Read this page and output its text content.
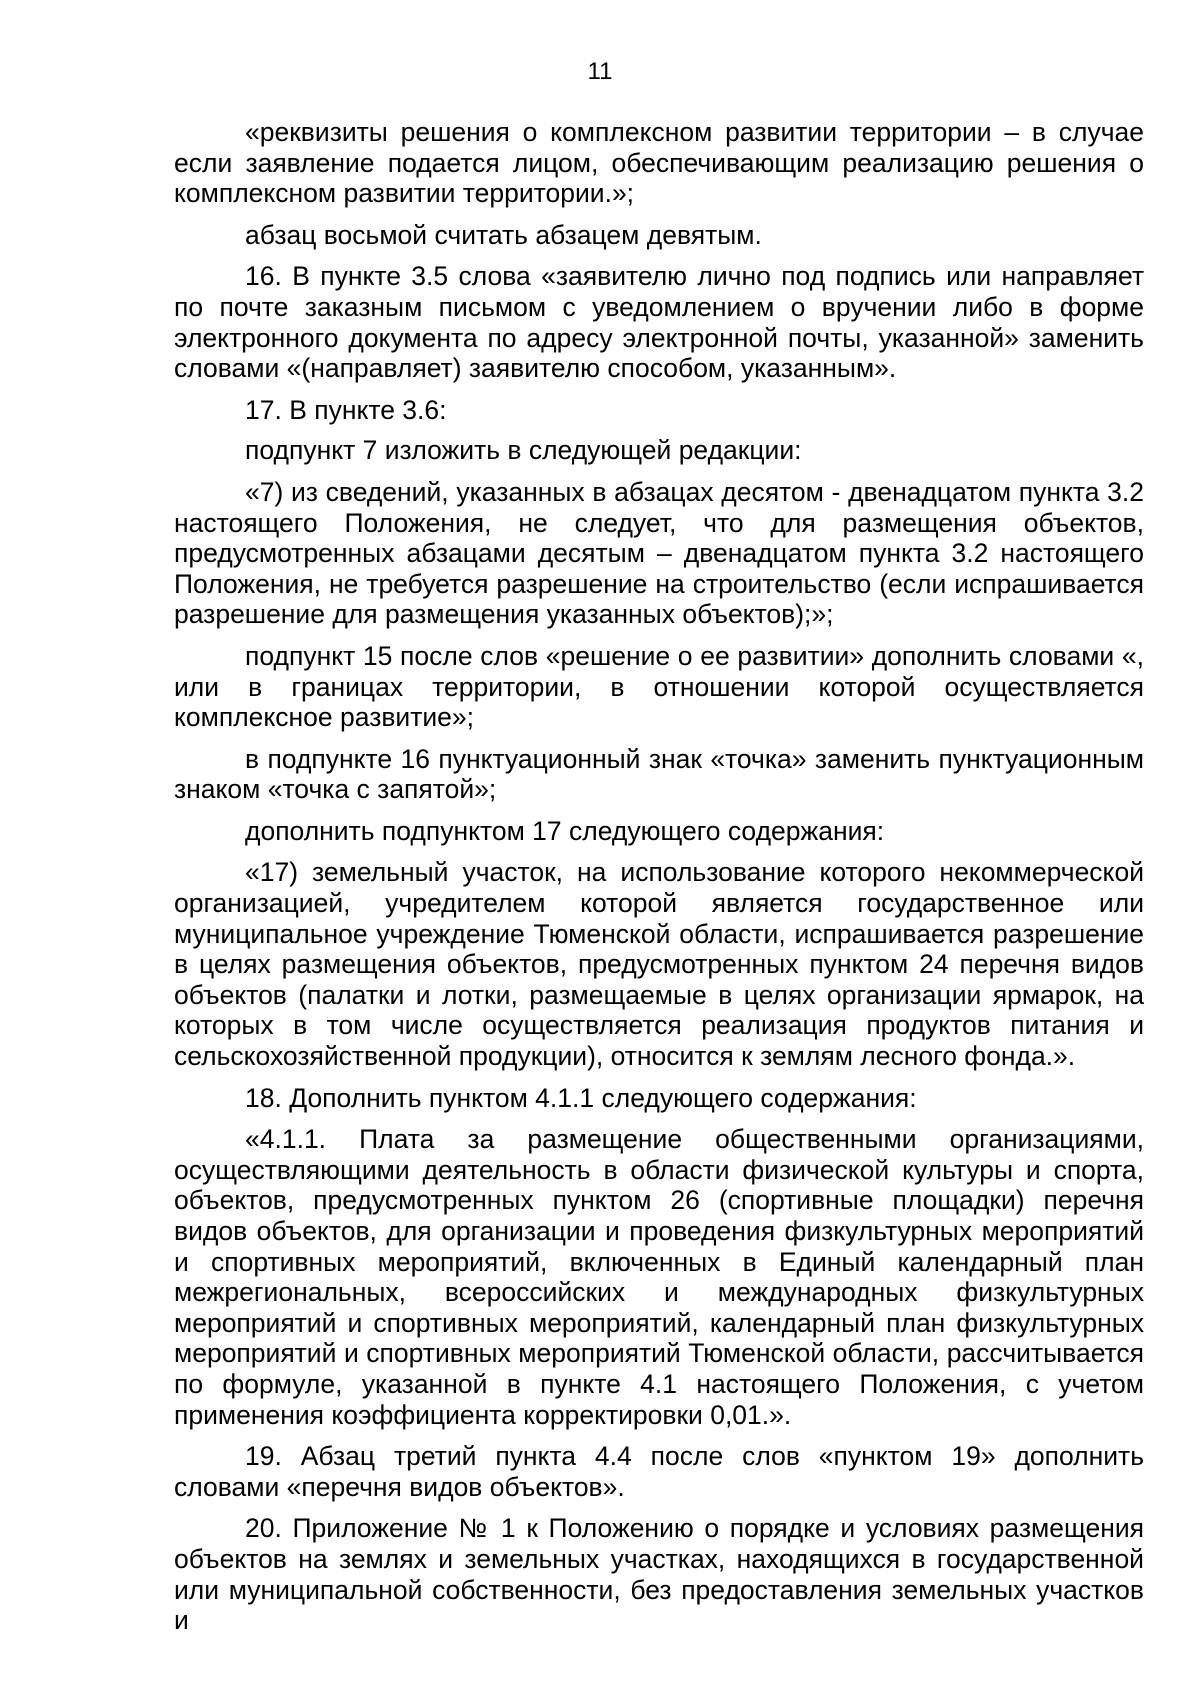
11

«реквизиты решения о комплексном развитии территории – в случае если заявление подается лицом, обеспечивающим реализацию решения о комплексном развитии территории.»;

абзац восьмой считать абзацем девятым.

16. В пункте 3.5 слова «заявителю лично под подпись или направляет по почте заказным письмом с уведомлением о вручении либо в форме электронного документа по адресу электронной почты, указанной» заменить словами «(направляет) заявителю способом, указанным».

17. В пункте 3.6:

подпункт 7 изложить в следующей редакции:

«7) из сведений, указанных в абзацах десятом - двенадцатом пункта 3.2 настоящего Положения, не следует, что для размещения объектов, предусмотренных абзацами десятым – двенадцатом пункта 3.2 настоящего Положения, не требуется разрешение на строительство (если испрашивается разрешение для размещения указанных объектов);»;

подпункт 15 после слов «решение о ее развитии» дополнить словами «, или в границах территории, в отношении которой осуществляется комплексное развитие»;

в подпункте 16 пунктуационный знак «точка» заменить пунктуационным знаком «точка с запятой»;

дополнить подпунктом 17 следующего содержания:

«17) земельный участок, на использование которого некоммерческой организацией, учредителем которой является государственное или муниципальное учреждение Тюменской области, испрашивается разрешение в целях размещения объектов, предусмотренных пунктом 24 перечня видов объектов (палатки и лотки, размещаемые в целях организации ярмарок, на которых в том числе осуществляется реализация продуктов питания и сельскохозяйственной продукции), относится к землям лесного фонда.».

18. Дополнить пунктом 4.1.1 следующего содержания:

«4.1.1. Плата за размещение общественными организациями, осуществляющими деятельность в области физической культуры и спорта, объектов, предусмотренных пунктом 26 (спортивные площадки) перечня видов объектов, для организации и проведения физкультурных мероприятий и спортивных мероприятий, включенных в Единый календарный план межрегиональных, всероссийских и международных физкультурных мероприятий и спортивных мероприятий, календарный план физкультурных мероприятий и спортивных мероприятий Тюменской области, рассчитывается по формуле, указанной в пункте 4.1 настоящего Положения, с учетом применения коэффициента корректировки 0,01.».

19. Абзац третий пункта 4.4 после слов «пунктом 19» дополнить словами «перечня видов объектов».

20. Приложение № 1 к Положению о порядке и условиях размещения объектов на землях и земельных участках, находящихся в государственной или муниципальной собственности, без предоставления земельных участков и
